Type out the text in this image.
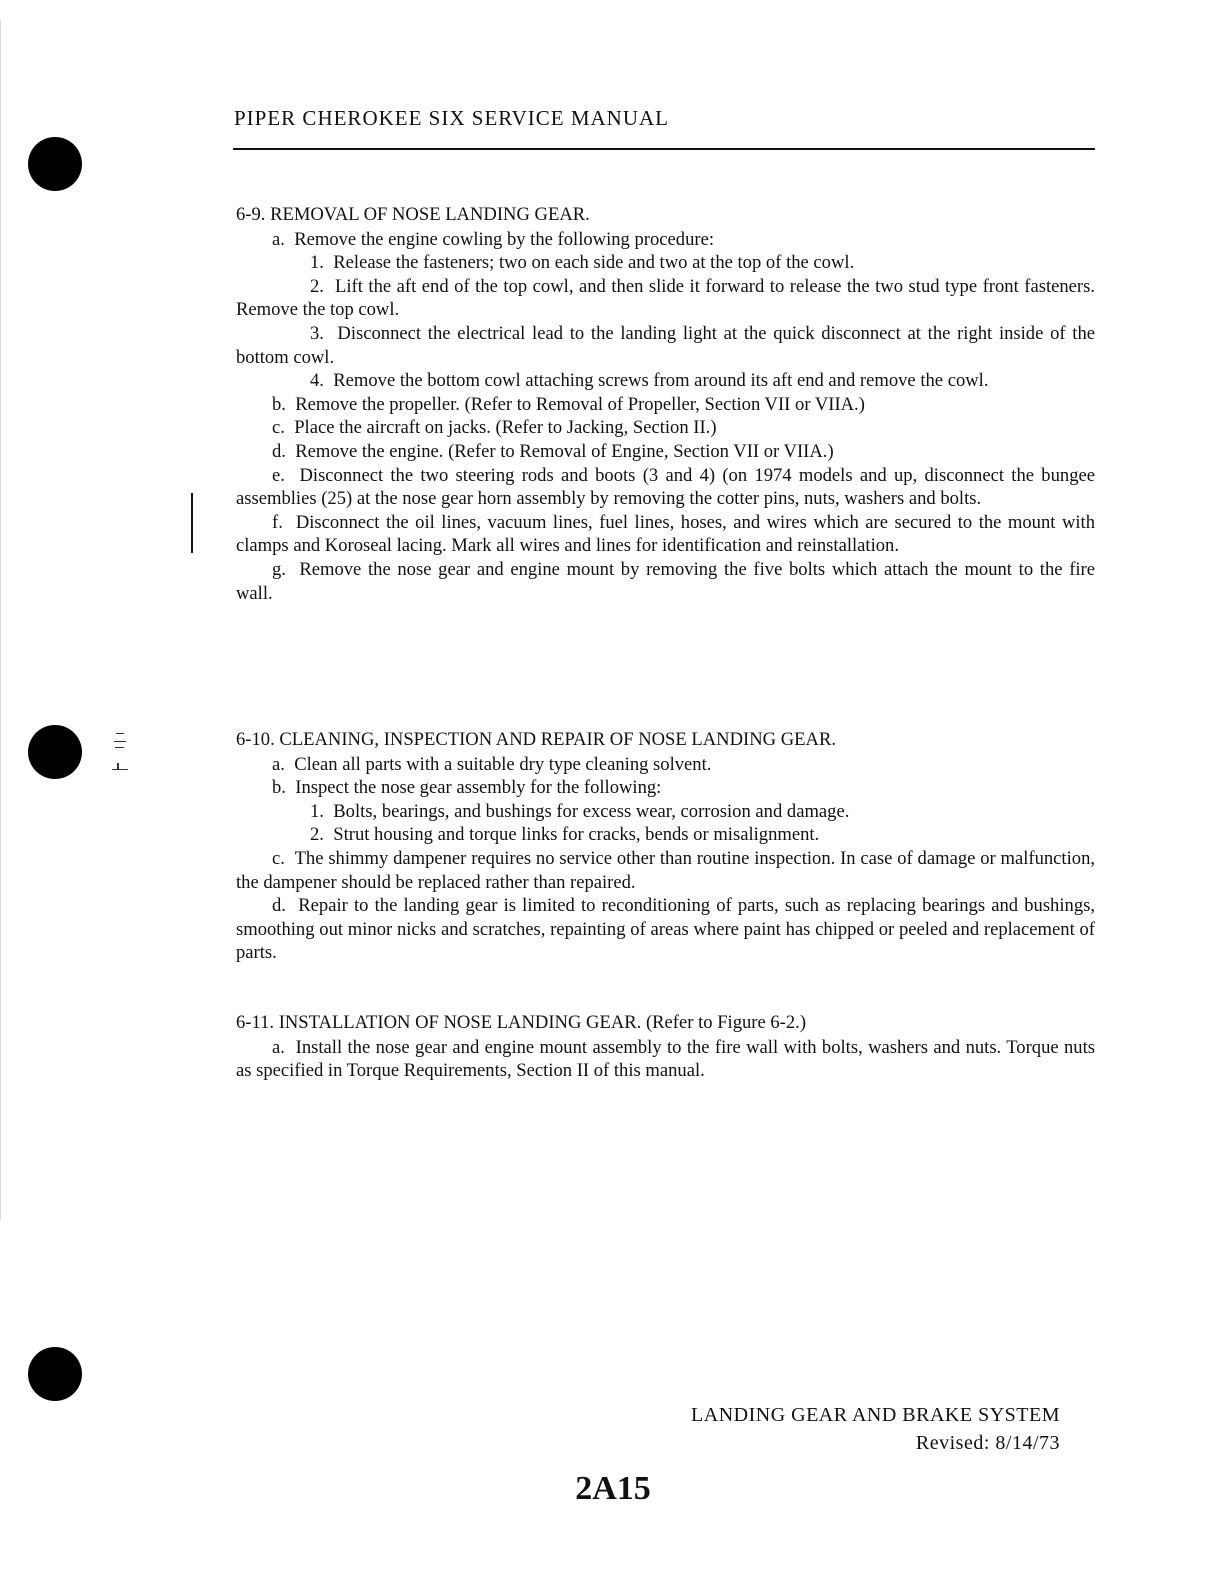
PIPER CHEROKEE SIX SERVICE MANUAL
6-9. REMOVAL OF NOSE LANDING GEAR.

a. Remove the engine cowling by the following procedure:

1. Release the fasteners; two on each side and two at the top of the cowl.

2. Lift the aft end of the top cowl, and then slide it forward to release the two stud type front fasteners. Remove the top cowl.

3. Disconnect the electrical lead to the landing light at the quick disconnect at the right inside of the bottom cowl.

4. Remove the bottom cowl attaching screws from around its aft end and remove the cowl.

b. Remove the propeller. (Refer to Removal of Propeller, Section VII or VIIA.)

c. Place the aircraft on jacks. (Refer to Jacking, Section II.)

d. Remove the engine. (Refer to Removal of Engine, Section VII or VIIA.)

e. Disconnect the two steering rods and boots (3 and 4) (on 1974 models and up, disconnect the bungee assemblies (25) at the nose gear horn assembly by removing the cotter pins, nuts, washers and bolts.

f. Disconnect the oil lines, vacuum lines, fuel lines, hoses, and wires which are secured to the mount with clamps and Koroseal lacing. Mark all wires and lines for identification and reinstallation.

g. Remove the nose gear and engine mount by removing the five bolts which attach the mount to the fire wall.

6-10. CLEANING, INSPECTION AND REPAIR OF NOSE LANDING GEAR.

a. Clean all parts with a suitable dry type cleaning solvent.

b. Inspect the nose gear assembly for the following:

1. Bolts, bearings, and bushings for excess wear, corrosion and damage.

2. Strut housing and torque links for cracks, bends or misalignment.

c. The shimmy dampener requires no service other than routine inspection. In case of damage or malfunction, the dampener should be replaced rather than repaired.

d. Repair to the landing gear is limited to reconditioning of parts, such as replacing bearings and bushings, smoothing out minor nicks and scratches, repainting of areas where paint has chipped or peeled and replacement of parts.

6-11. INSTALLATION OF NOSE LANDING GEAR. (Refer to Figure 6-2.)

a. Install the nose gear and engine mount assembly to the fire wall with bolts, washers and nuts. Torque nuts as specified in Torque Requirements, Section II of this manual.

LANDING GEAR AND BRAKE SYSTEM
Revised: 8/14/73
2A15
